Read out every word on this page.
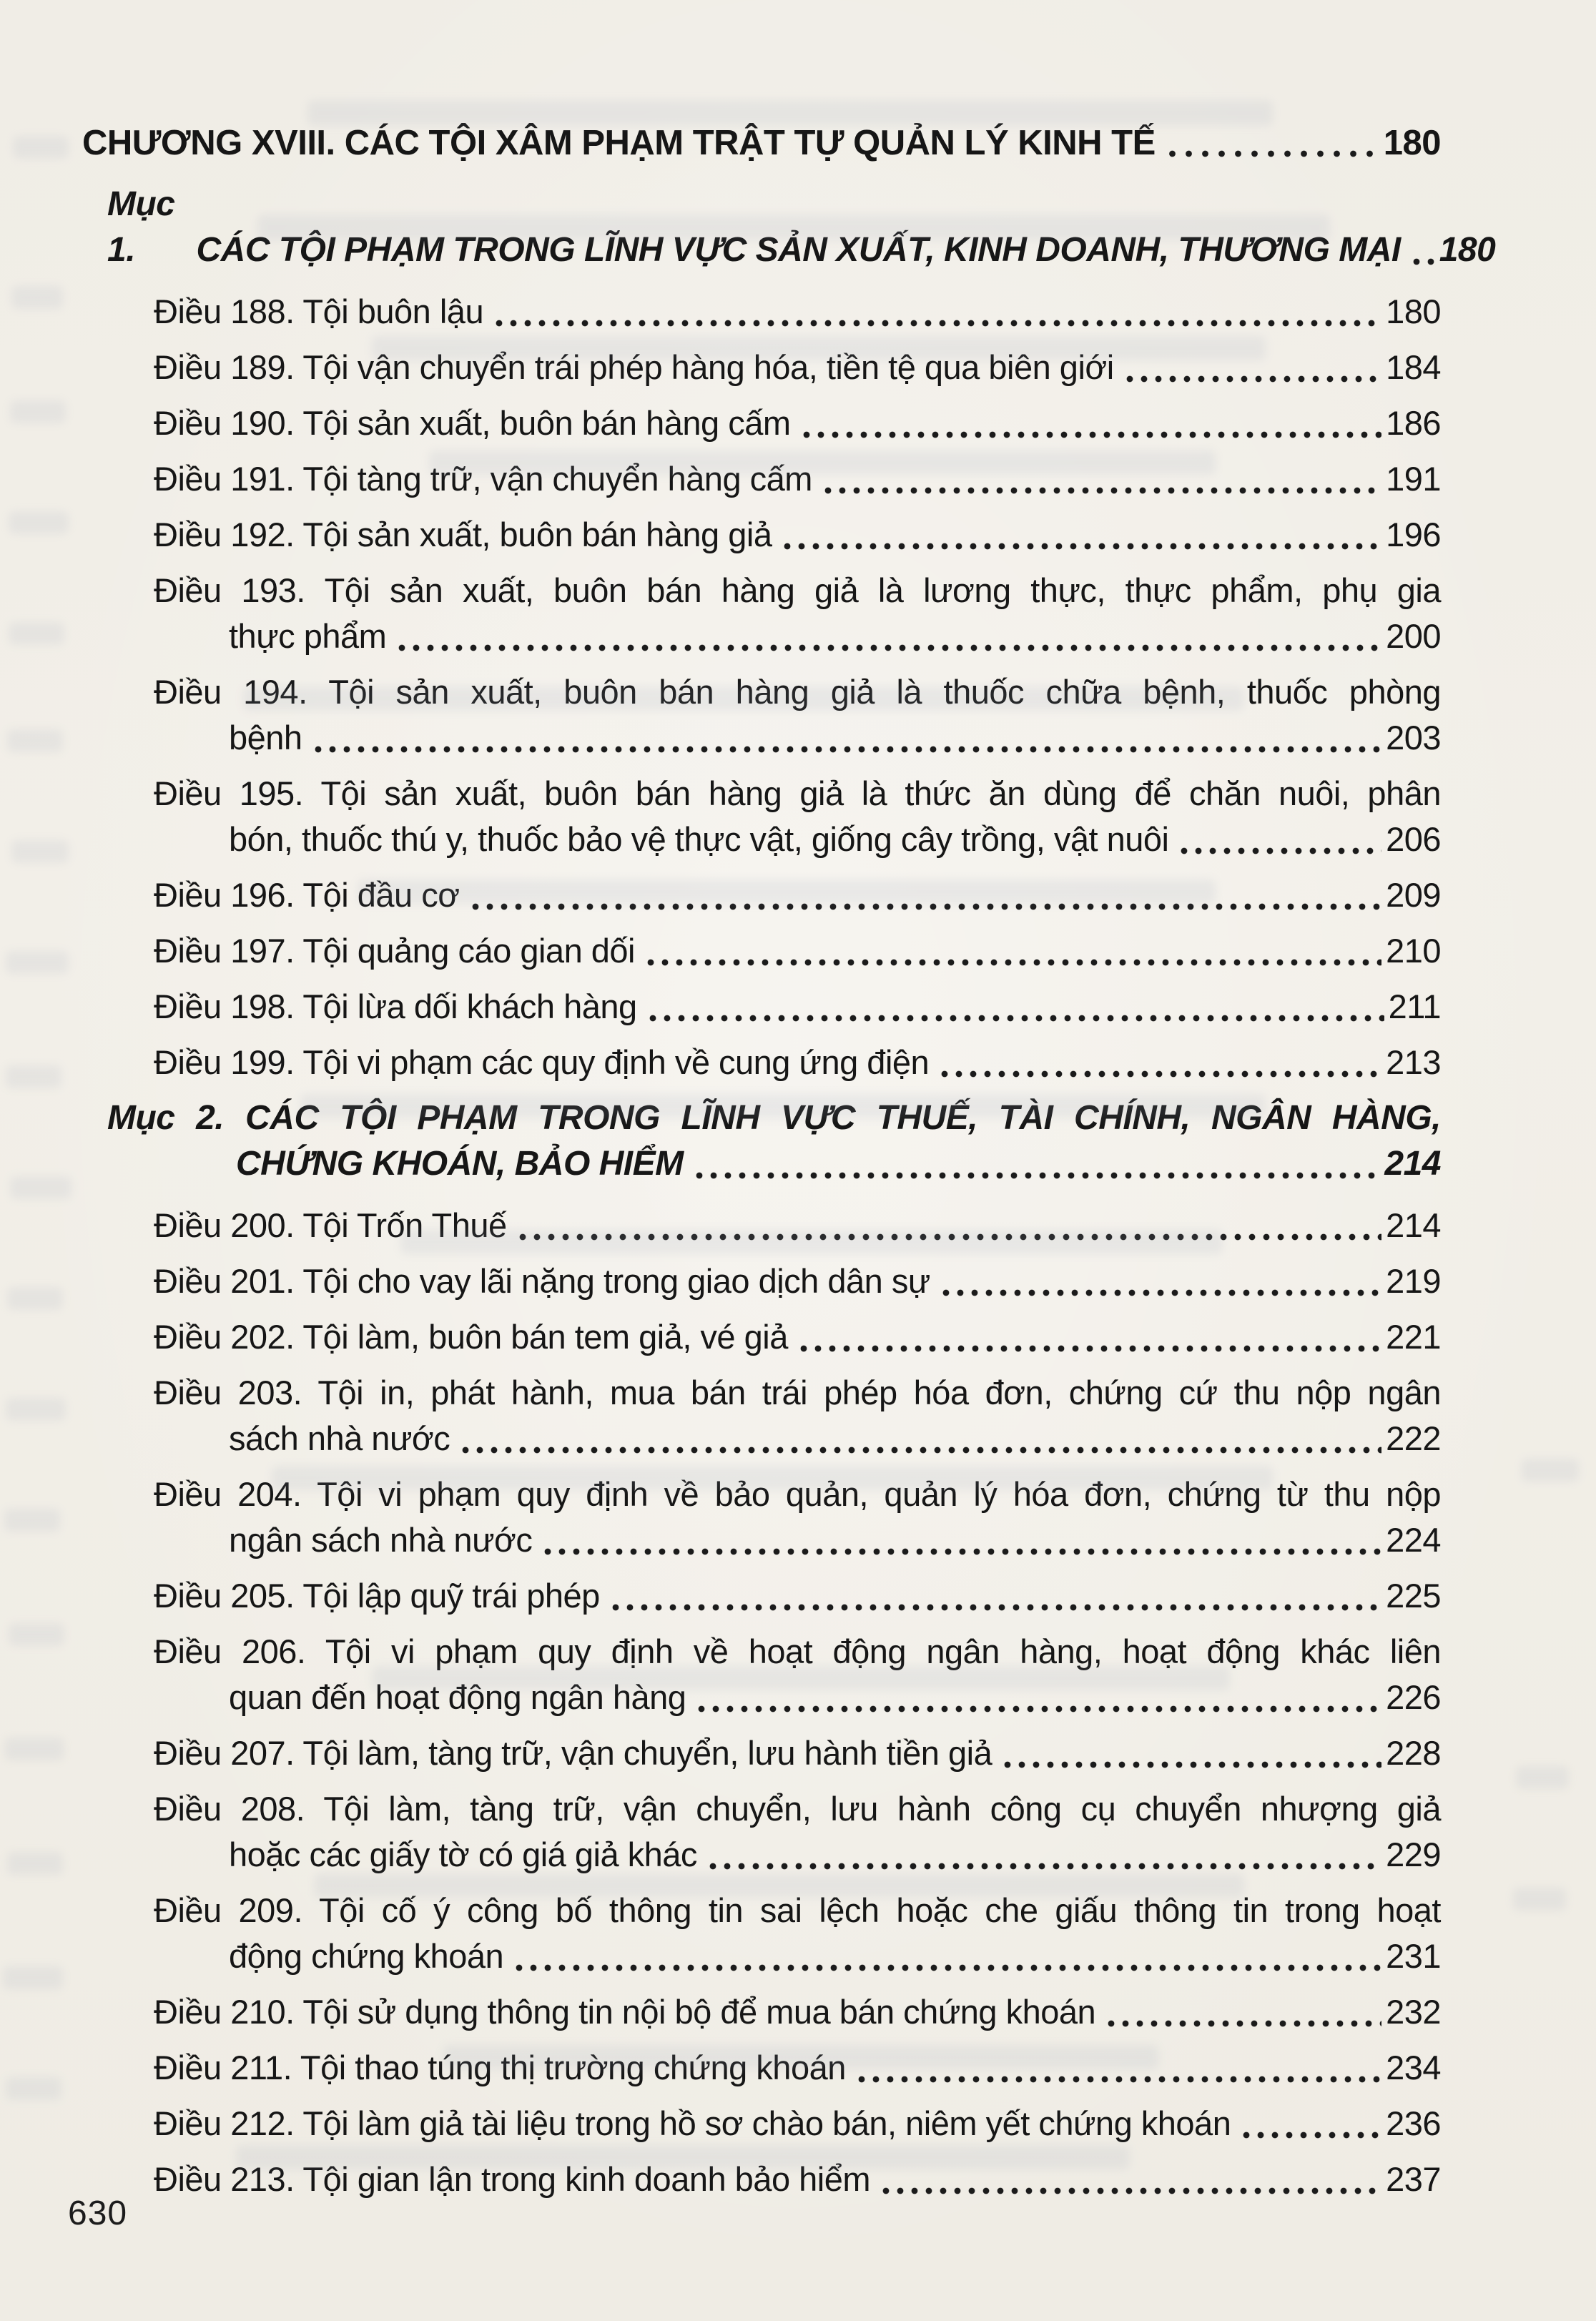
CHƯƠNG XVIII. CÁC TỘI XÂM PHẠM TRẬT TỰ QUẢN LÝ KINH TẾ	180
Mục 1.	CÁC TỘI PHẠM TRONG LĨNH VỰC SẢN XUẤT, KINH DOANH, THƯƠNG MẠI 180
Điều 188. Tội buôn lậu	180
Điều 189. Tội vận chuyển trái phép hàng hóa, tiền tệ qua biên giới	184
Điều 190. Tội sản xuất, buôn bán hàng cấm	186
Điều 191. Tội tàng trữ, vận chuyển hàng cấm	191
Điều 192. Tội sản xuất, buôn bán hàng giả	196
Điều 193. Tội sản xuất, buôn bán hàng giả là lương thực, thực phẩm, phụ gia
thực phẩm	200
Điều 194. Tội sản xuất, buôn bán hàng giả là thuốc chữa bệnh, thuốc phòng
bệnh	203
Điều 195. Tội sản xuất, buôn bán hàng giả là thức ăn dùng để chăn nuôi, phân
bón, thuốc thú y, thuốc bảo vệ thực vật, giống cây trồng, vật nuôi	206
Điều 196. Tội đầu cơ	209
Điều 197. Tội quảng cáo gian dối	210
Điều 198. Tội lừa dối khách hàng	211
Điều 199. Tội vi phạm các quy định về cung ứng điện	213
Mục 2. CÁC TỘI PHẠM TRONG LĨNH VỰC THUẾ, TÀI CHÍNH, NGÂN HÀNG,
CHỨNG KHOÁN, BẢO HIỂM	214
Điều 200. Tội Trốn Thuế	214
Điều 201. Tội cho vay lãi nặng trong giao dịch dân sự	219
Điều 202. Tội làm, buôn bán tem giả, vé giả	221
Điều 203. Tội in, phát hành, mua bán trái phép hóa đơn, chứng cứ thu nộp ngân
sách nhà nước	222
Điều 204. Tội vi phạm quy định về bảo quản, quản lý hóa đơn, chứng từ thu nộp
ngân sách nhà nước	224
Điều 205. Tội lập quỹ trái phép	225
Điều 206. Tội vi phạm quy định về hoạt động ngân hàng, hoạt động khác liên
quan đến hoạt động ngân hàng	226
Điều 207. Tội làm, tàng trữ, vận chuyển, lưu hành tiền giả	228
Điều 208. Tội làm, tàng trữ, vận chuyển, lưu hành công cụ chuyển nhượng giả
hoặc các giấy tờ có giá giả khác	229
Điều 209. Tội cố ý công bố thông tin sai lệch hoặc che giấu thông tin trong hoạt
động chứng khoán	231
Điều 210. Tội sử dụng thông tin nội bộ để mua bán chứng khoán	232
Điều 211. Tội thao túng thị trường chứng khoán	234
Điều 212. Tội làm giả tài liệu trong hồ sơ chào bán, niêm yết chứng khoán	236
Điều 213. Tội gian lận trong kinh doanh bảo hiểm	237
630
